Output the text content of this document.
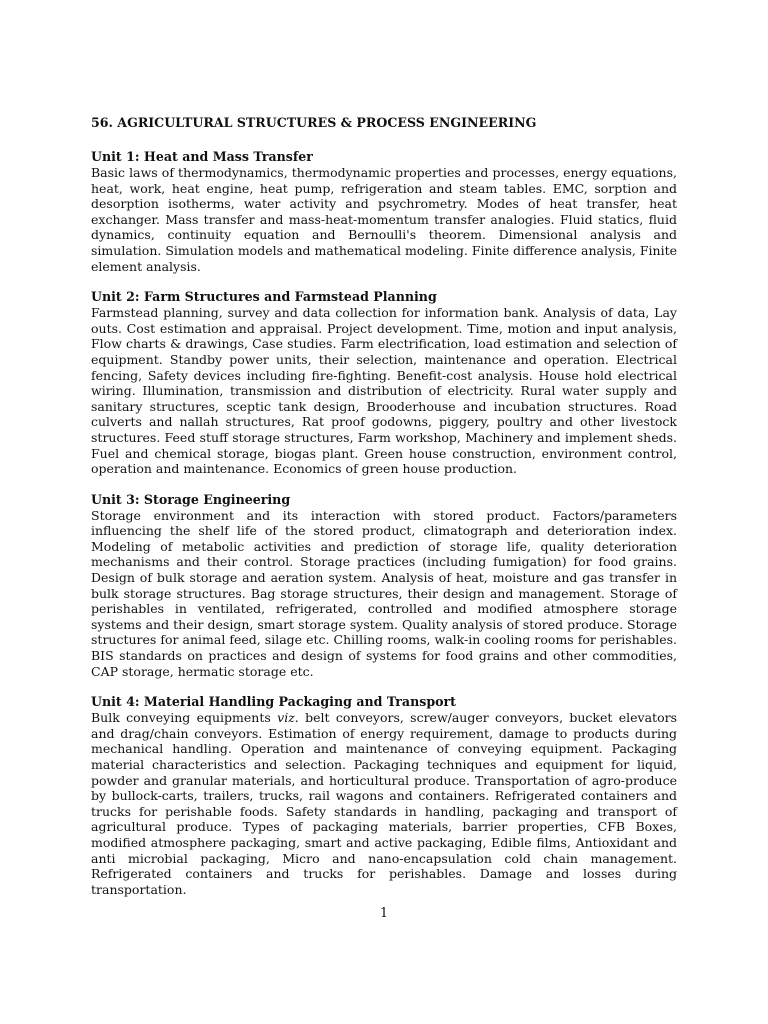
56. AGRICULTURAL STRUCTURES & PROCESS ENGINEERING
Unit 1: Heat and Mass Transfer

Basic laws of thermodynamics, thermodynamic properties and processes, energy equations, heat, work, heat engine, heat pump, refrigeration and steam tables. EMC, sorption and desorption isotherms, water activity and psychrometry. Modes of heat transfer, heat exchanger. Mass transfer and mass-heat-momentum transfer analogies. Fluid statics, fluid dynamics, continuity equation and Bernoulli's theorem. Dimensional analysis and simulation. Simulation models and mathematical modeling. Finite difference analysis, Finite element analysis.

Unit 2: Farm Structures and Farmstead Planning

Farmstead planning, survey and data collection for information bank. Analysis of data, Lay outs. Cost estimation and appraisal. Project development. Time, motion and input analysis, Flow charts & drawings, Case studies. Farm electrification, load estimation and selection of equipment. Standby power units, their selection, maintenance and operation. Electrical fencing, Safety devices including fire-fighting. Benefit-cost analysis. House hold electrical wiring. Illumination, transmission and distribution of electricity. Rural water supply and sanitary structures, sceptic tank design, Brooderhouse and incubation structures. Road culverts and nallah structures, Rat proof godowns, piggery, poultry and other livestock structures. Feed stuff storage structures, Farm workshop, Machinery and implement sheds. Fuel and chemical storage, biogas plant. Green house construction, environment control, operation and maintenance. Economics of green house production.

Unit 3: Storage Engineering

Storage environment and its interaction with stored product. Factors/parameters influencing the shelf life of the stored product, climatograph and deterioration index. Modeling of metabolic activities and prediction of storage life, quality deterioration mechanisms and their control. Storage practices (including fumigation) for food grains. Design of bulk storage and aeration system. Analysis of heat, moisture and gas transfer in bulk storage structures. Bag storage structures, their design and management. Storage of perishables in ventilated, refrigerated, controlled and modified atmosphere storage systems and their design, smart storage system. Quality analysis of stored produce. Storage structures for animal feed, silage etc. Chilling rooms, walk-in cooling rooms for perishables. BIS standards on practices and design of systems for food grains and other commodities, CAP storage, hermatic storage etc.

Unit 4: Material Handling Packaging and Transport

Bulk conveying equipments viz. belt conveyors, screw/auger conveyors, bucket elevators and drag/chain conveyors. Estimation of energy requirement, damage to products during mechanical handling. Operation and maintenance of conveying equipment. Packaging material characteristics and selection. Packaging techniques and equipment for liquid, powder and granular materials, and horticultural produce. Transportation of agro-produce by bullock-carts, trailers, trucks, rail wagons and containers. Refrigerated containers and trucks for perishable foods. Safety standards in handling, packaging and transport of agricultural produce. Types of packaging materials, barrier properties, CFB Boxes, modified atmosphere packaging, smart and active packaging, Edible films, Antioxidant and anti microbial packaging, Micro and nano-encapsulation cold chain management. Refrigerated containers and trucks for perishables. Damage and losses during transportation.

1
